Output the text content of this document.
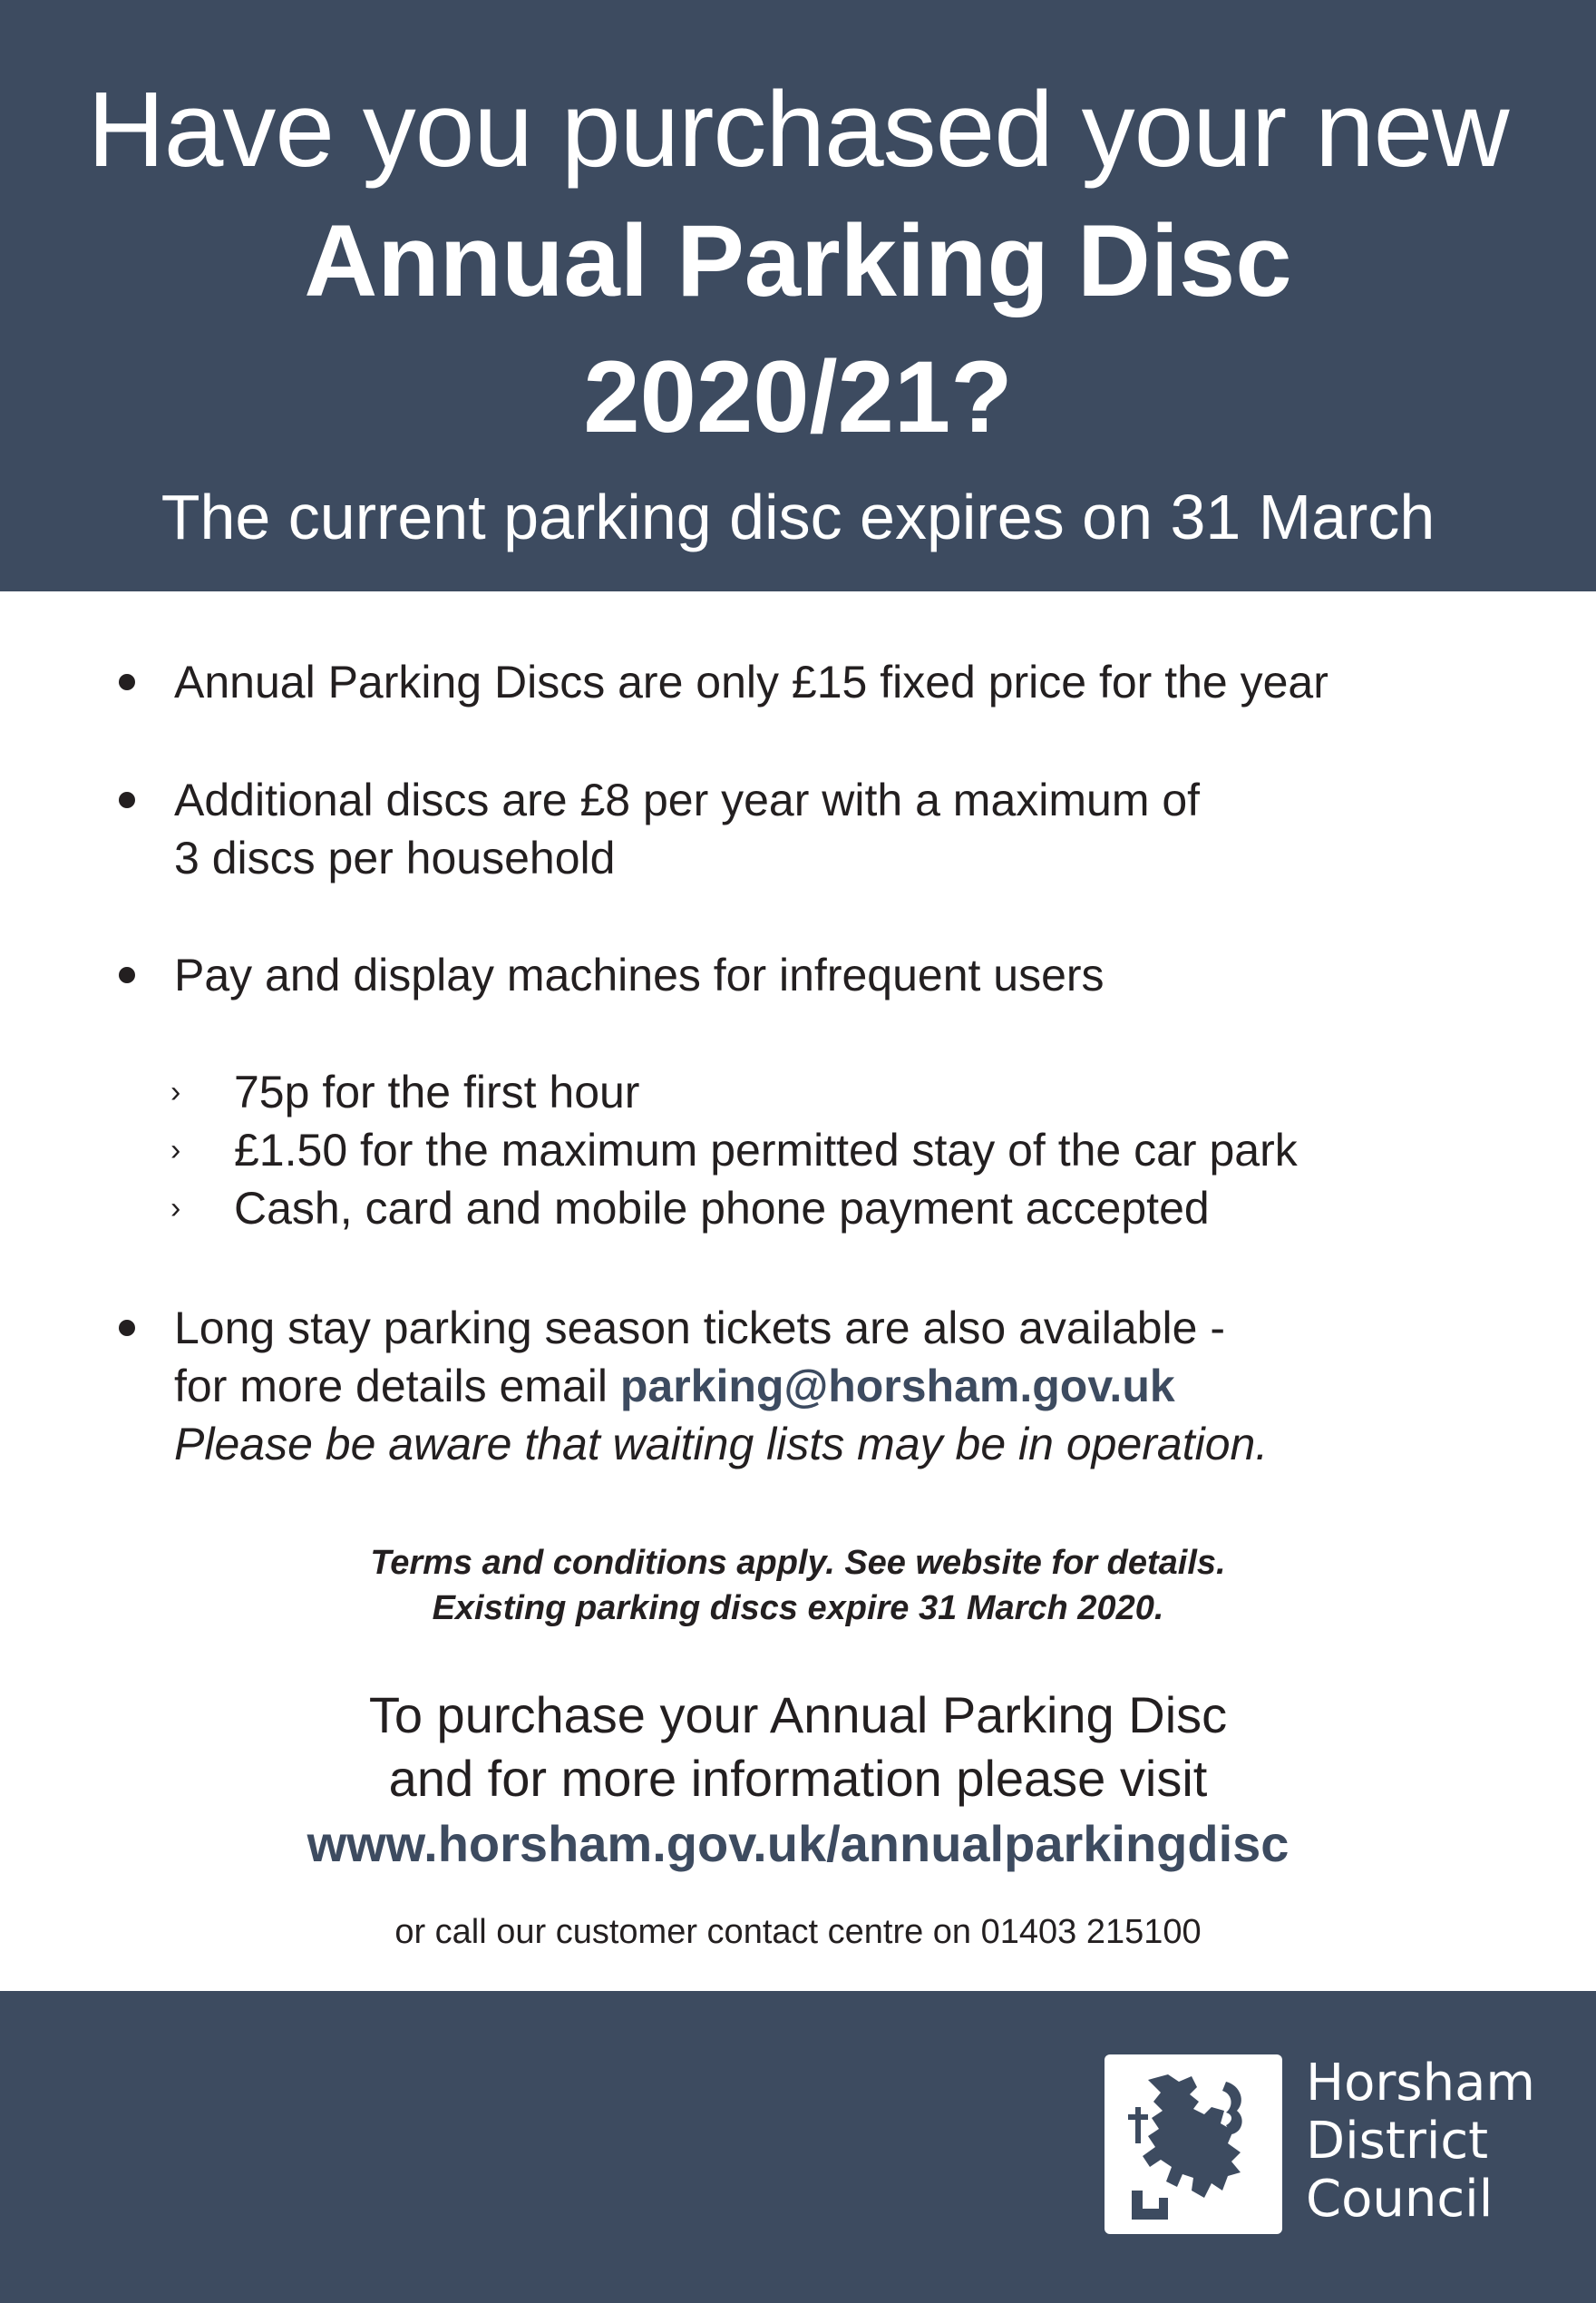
Have you purchased your new
Annual Parking Disc
2020/21?
The current parking disc expires on 31 March
Annual Parking Discs are only £15 fixed price for the year
Additional discs are £8 per year with a maximum of
3 discs per household
Pay and display machines for infrequent users
› 75p for the first hour
› £1.50 for the maximum permitted stay of the car park
› Cash, card and mobile phone payment accepted
Long stay parking season tickets are also available -
for more details email parking@horsham.gov.uk
Please be aware that waiting lists may be in operation.
Terms and conditions apply. See website for details.
Existing parking discs expire 31 March 2020.
To purchase your Annual Parking Disc
and for more information please visit
www.horsham.gov.uk/annualparkingdisc
or call our customer contact centre on 01403 215100
Horsham
District
Council
